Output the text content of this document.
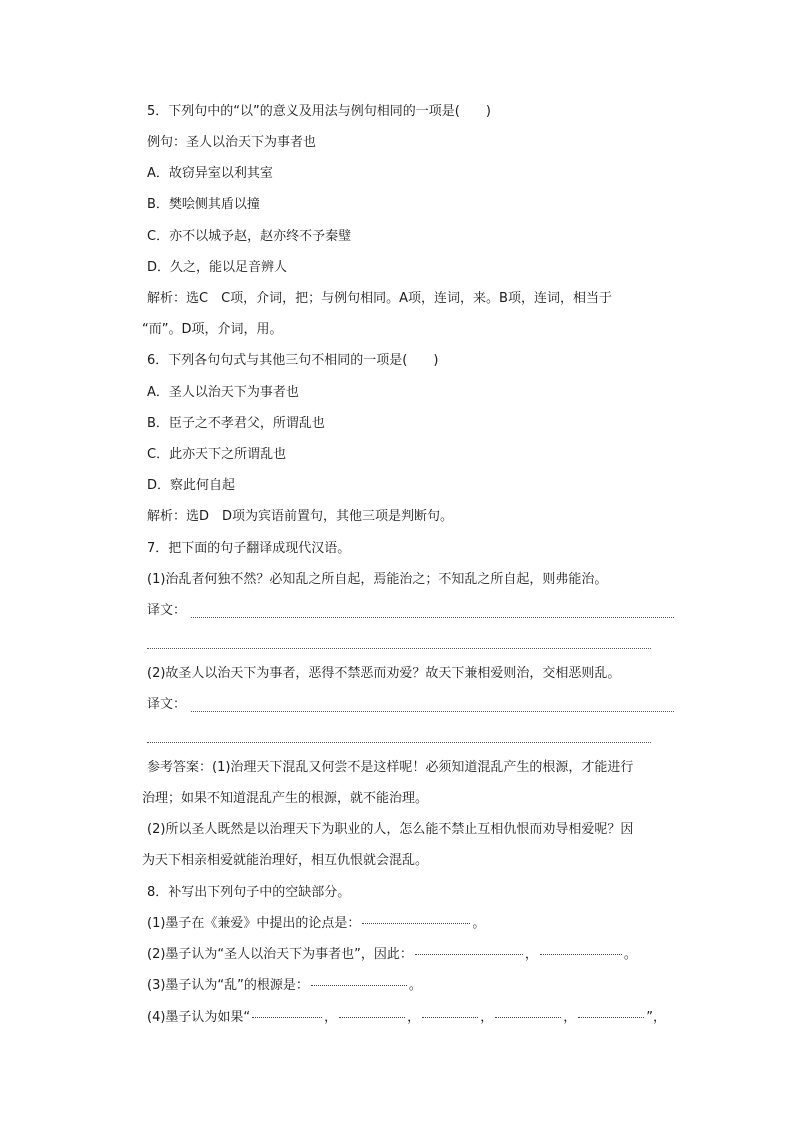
5．下列句中的“以”的意义及用法与例句相同的一项是(　　)
例句：圣人以治天下为事者也
A．故窃异室以利其室
B．樊哙侧其盾以撞
C．亦不以城予赵，赵亦终不予秦璧
D．久之，能以足音辨人
解析：选C　C项，介词，把；与例句相同。A项，连词，来。B项，连词，相当于
“而”。D项，介词，用。
6．下列各句句式与其他三句不相同的一项是(　　)
A．圣人以治天下为事者也
B．臣子之不孝君父，所谓乱也
C．此亦天下之所谓乱也
D．察此何自起
解析：选D　D项为宾语前置句，其他三项是判断句。
7．把下面的句子翻译成现代汉语。
(1)治乱者何独不然？必知乱之所自起，焉能治之；不知乱之所自起，则弗能治。
译文：
(2)故圣人以治天下为事者，恶得不禁恶而劝爱？故天下兼相爱则治，交相恶则乱。
译文：
参考答案：(1)治理天下混乱又何尝不是这样呢！必须知道混乱产生的根源，才能进行
治理；如果不知道混乱产生的根源，就不能治理。
(2)所以圣人既然是以治理天下为职业的人，怎么能不禁止互相仇恨而劝导相爱呢？因
为天下相亲相爱就能治理好，相互仇恨就会混乱。
8．补写出下列句子中的空缺部分。
(1)墨子在《兼爱》中提出的论点是：	。
(2)墨子认为“圣人以治天下为事者也”，因此：	，	。
(3)墨子认为“乱”的根源是：	。
(4)墨子认为如果“	，	，	，	，	”，
